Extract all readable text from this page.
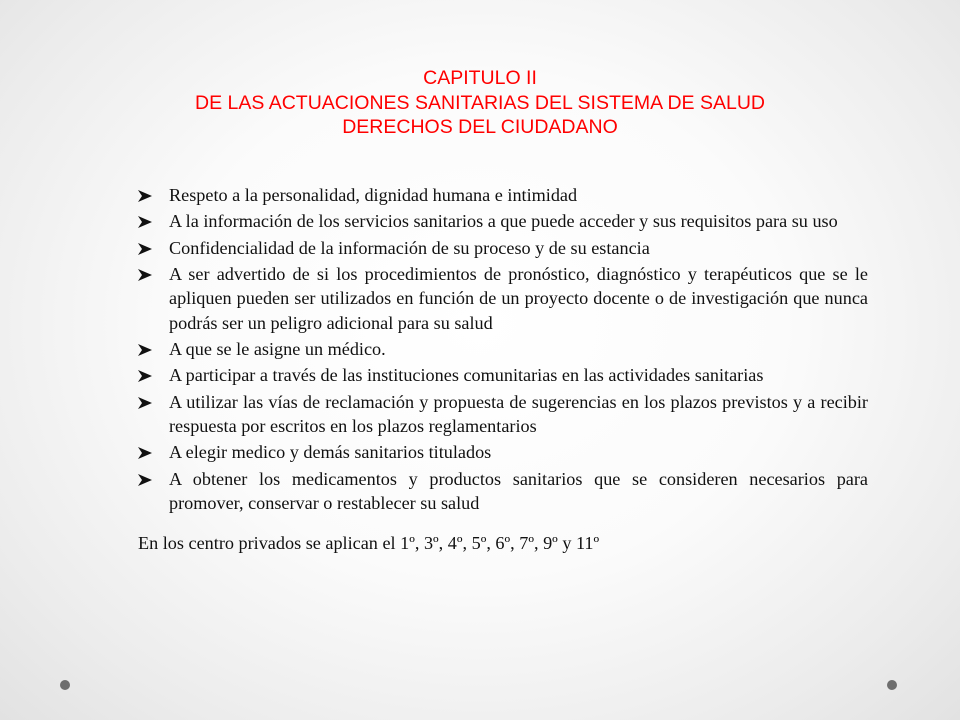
CAPITULO II
DE LAS ACTUACIONES SANITARIAS DEL SISTEMA DE SALUD
DERECHOS DEL CIUDADANO
Respeto a la personalidad, dignidad humana e intimidad
A la información de los servicios sanitarios a que puede acceder y sus requisitos para su uso
Confidencialidad de la información de su proceso y de su estancia
A ser advertido de si los procedimientos de pronóstico, diagnóstico y terapéuticos que se le apliquen pueden ser utilizados en función de un proyecto docente o de investigación que nunca podrás ser un peligro adicional para su salud
A que se le asigne un médico.
A participar a través de las instituciones comunitarias en las actividades sanitarias
A utilizar las vías de reclamación y propuesta de sugerencias en los plazos previstos y a recibir respuesta por escritos en los plazos reglamentarios
A elegir medico y demás sanitarios titulados
A obtener los medicamentos y productos sanitarios que se consideren necesarios para promover, conservar o restablecer su salud
En los centro privados se aplican el 1º, 3º, 4º, 5º, 6º, 7º, 9º y 11º
